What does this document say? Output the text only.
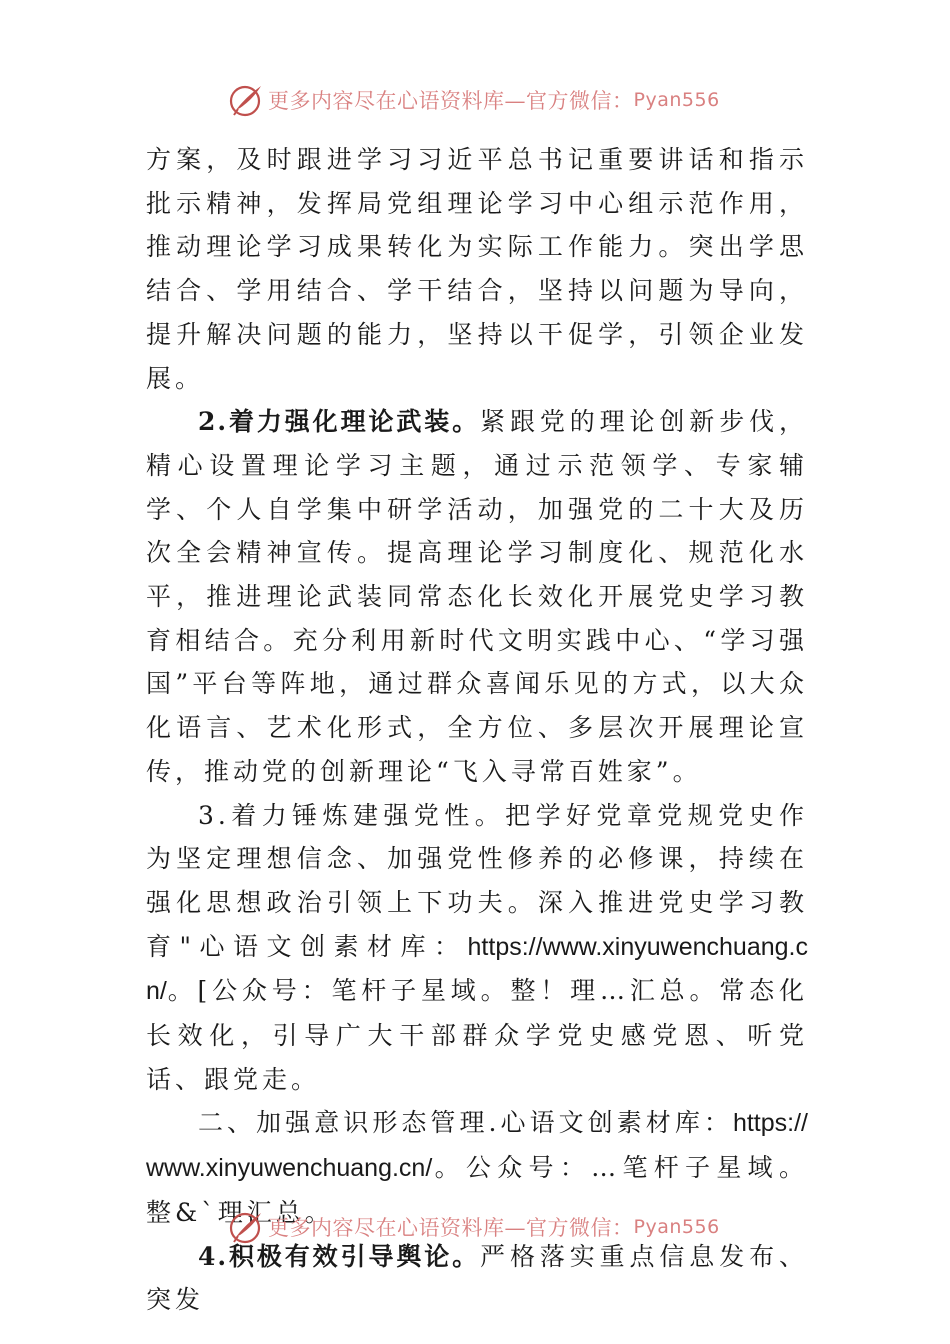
更多内容尽在心语资料库—官方微信： Pyan556

方案，及时跟进学习习近平总书记重要讲话和指示批示精神，发挥局党组理论学习中心组示范作用，推动理论学习成果转化为实际工作能力。突出学思结合、学用结合、学干结合，坚持以问题为导向，提升解决问题的能力，坚持以干促学，引领企业发展。

2.着力强化理论武装。紧跟党的理论创新步伐，精心设置理论学习主题，通过示范领学、专家辅学、个人自学集中研学活动，加强党的二十大及历次全会精神宣传。提高理论学习制度化、规范化水平，推进理论武装同常态化长效化开展党史学习教育相结合。充分利用新时代文明实践中心、“学习强国”平台等阵地，通过群众喜闻乐见的方式，以大众化语言、艺术化形式，全方位、多层次开展理论宣传，推动党的创新理论“飞入寻常百姓家”。

3.着力锤炼建强党性。把学好党章党规党史作为坚定理想信念、加强党性修养的必修课，持续在强化思想政治引领上下功夫。深入推进党史学习教育"心语文创素材库：https://www.xinyuwenchuang.cn/。[公众号：笔杆子星域。整！理…汇总。常态化长效化，引导广大干部群众学党史感党恩、听党话、跟党走。

二、加强意识形态管理.心语文创素材库：https://www.xinyuwenchuang.cn/。公众号：…笔杆子星域。整&`理汇总。

4.积极有效引导舆论。严格落实重点信息发布、突发

更多内容尽在心语资料库—官方微信： Pyan556
